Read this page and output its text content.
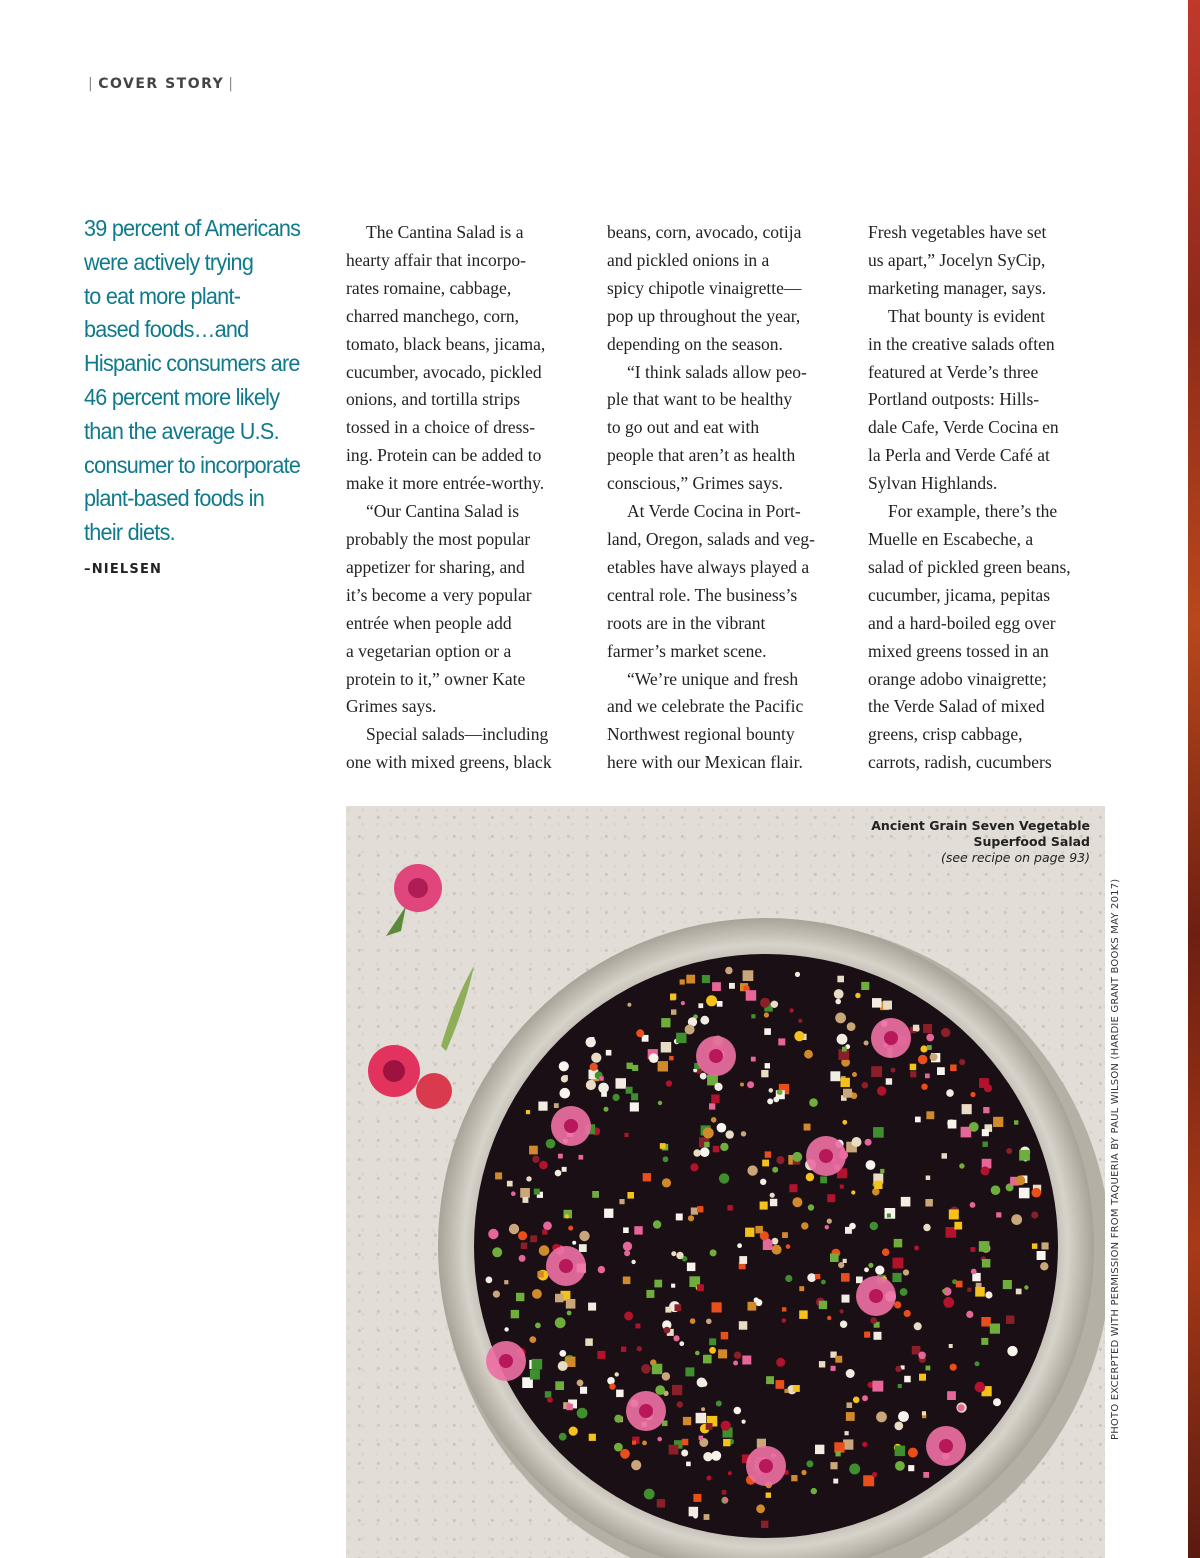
| COVER STORY |
39 percent of Americans
were actively trying
to eat more plant-
based foods…and
Hispanic consumers are
46 percent more likely
than the average U.S.
consumer to incorporate
plant-based foods in
their diets.
–NIELSEN

The Cantina Salad is a
hearty affair that incorpo-
rates romaine, cabbage,
charred manchego, corn,
tomato, black beans, jicama,
cucumber, avocado, pickled
onions, and tortilla strips
tossed in a choice of dress-
ing. Protein can be added to
make it more entrée-worthy.

“Our Cantina Salad is
probably the most popular
appetizer for sharing, and
it’s become a very popular
entrée when people add
a vegetarian option or a
protein to it,” owner Kate
Grimes says.

Special salads—including
one with mixed greens, black

beans, corn, avocado, cotija
and pickled onions in a
spicy chipotle vinaigrette—
pop up throughout the year,
depending on the season.

“I think salads allow peo-
ple that want to be healthy
to go out and eat with
people that aren’t as health
conscious,” Grimes says.

At Verde Cocina in Port-
land, Oregon, salads and veg-
etables have always played a
central role. The business’s
roots are in the vibrant
farmer’s market scene.

“We’re unique and fresh
and we celebrate the Pacific
Northwest regional bounty
here with our Mexican flair.

Fresh vegetables have set
us apart,” Jocelyn SyCip,
marketing manager, says.

That bounty is evident
in the creative salads often
featured at Verde’s three
Portland outposts: Hills-
dale Cafe, Verde Cocina en
la Perla and Verde Café at
Sylvan Highlands.

For example, there’s the
Muelle en Escabeche, a
salad of pickled green beans,
cucumber, jicama, pepitas
and a hard-boiled egg over
mixed greens tossed in an
orange adobo vinaigrette;
the Verde Salad of mixed
greens, crisp cabbage,
carrots, radish, cucumbers

Ancient Grain Seven Vegetable
Superfood Salad
(see recipe on page 93)
PHOTO EXCERPTED WITH PERMISSION FROM TAQUERIA BY PAUL WILSON (HARDIE GRANT BOOKS MAY 2017)
